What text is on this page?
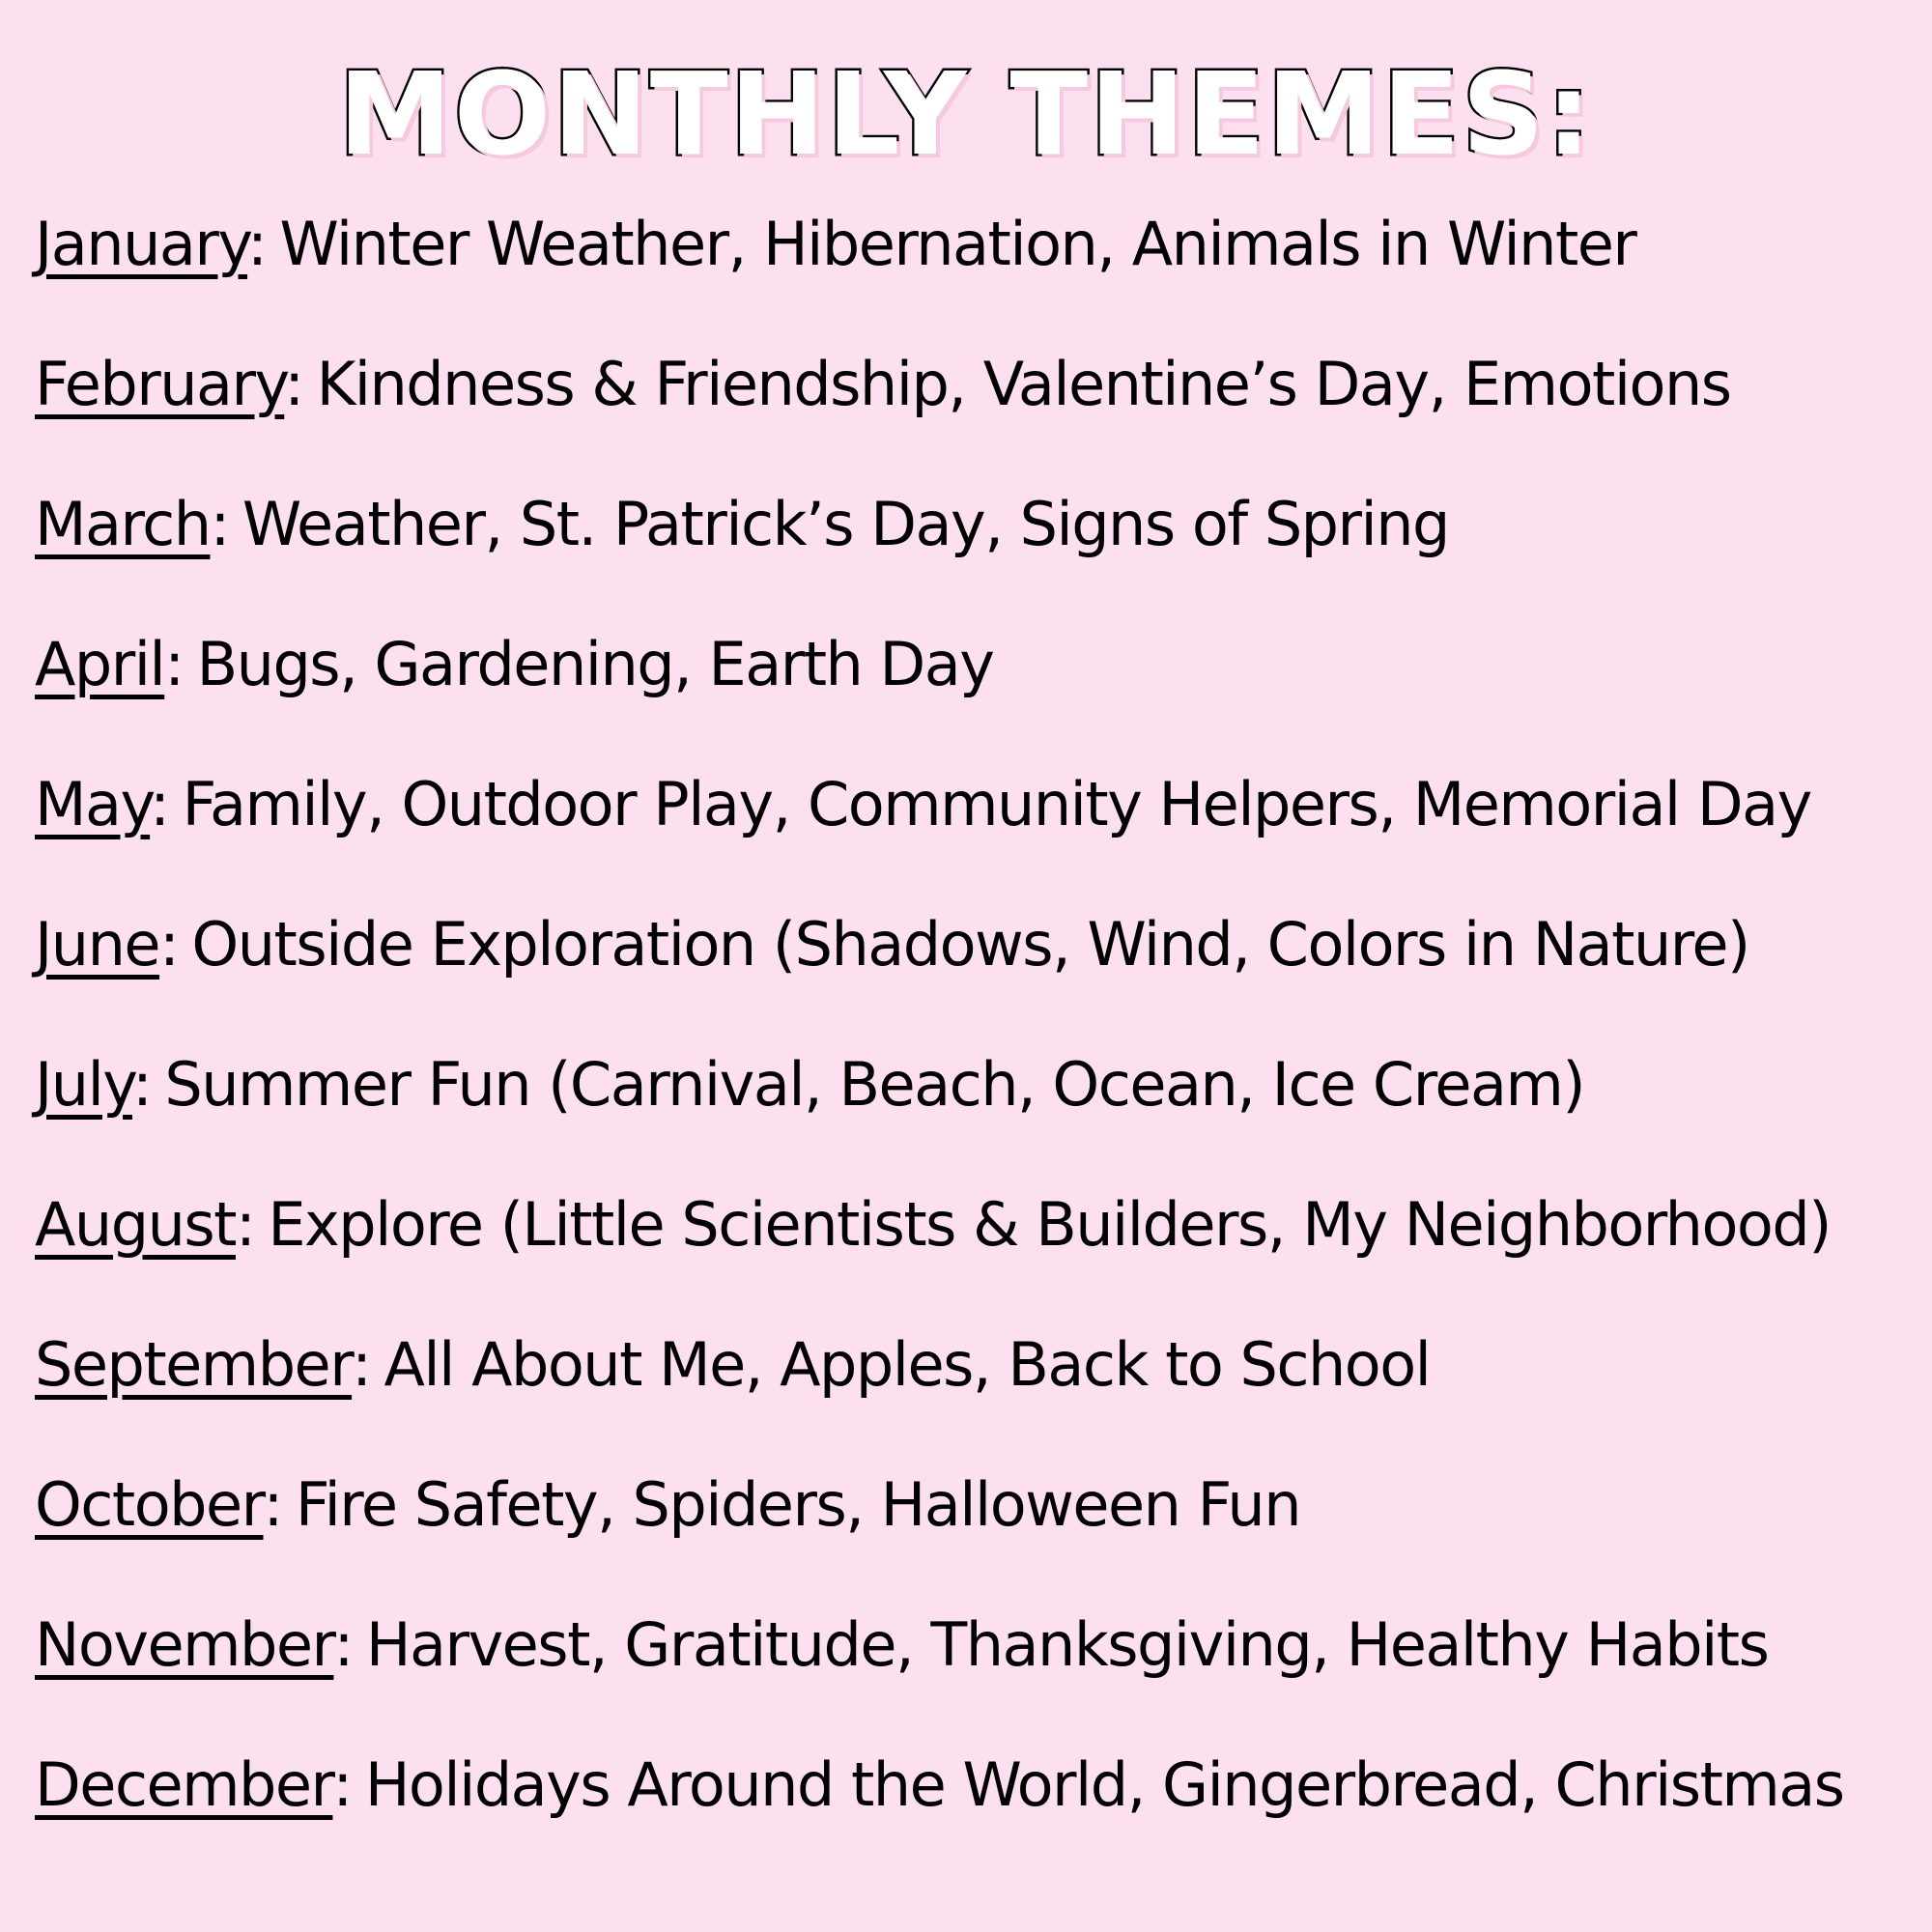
MONTHLY THEMES:
January: Winter Weather, Hibernation, Animals in Winter
February: Kindness & Friendship, Valentine’s Day, Emotions
March: Weather, St. Patrick’s Day, Signs of Spring
April: Bugs, Gardening, Earth Day
May: Family, Outdoor Play, Community Helpers, Memorial Day
June: Outside Exploration (Shadows, Wind, Colors in Nature)
July: Summer Fun (Carnival, Beach, Ocean, Ice Cream)
August: Explore (Little Scientists & Builders, My Neighborhood)
September: All About Me, Apples, Back to School
October: Fire Safety, Spiders, Halloween Fun
November: Harvest, Gratitude, Thanksgiving, Healthy Habits
December: Holidays Around the World, Gingerbread, Christmas
